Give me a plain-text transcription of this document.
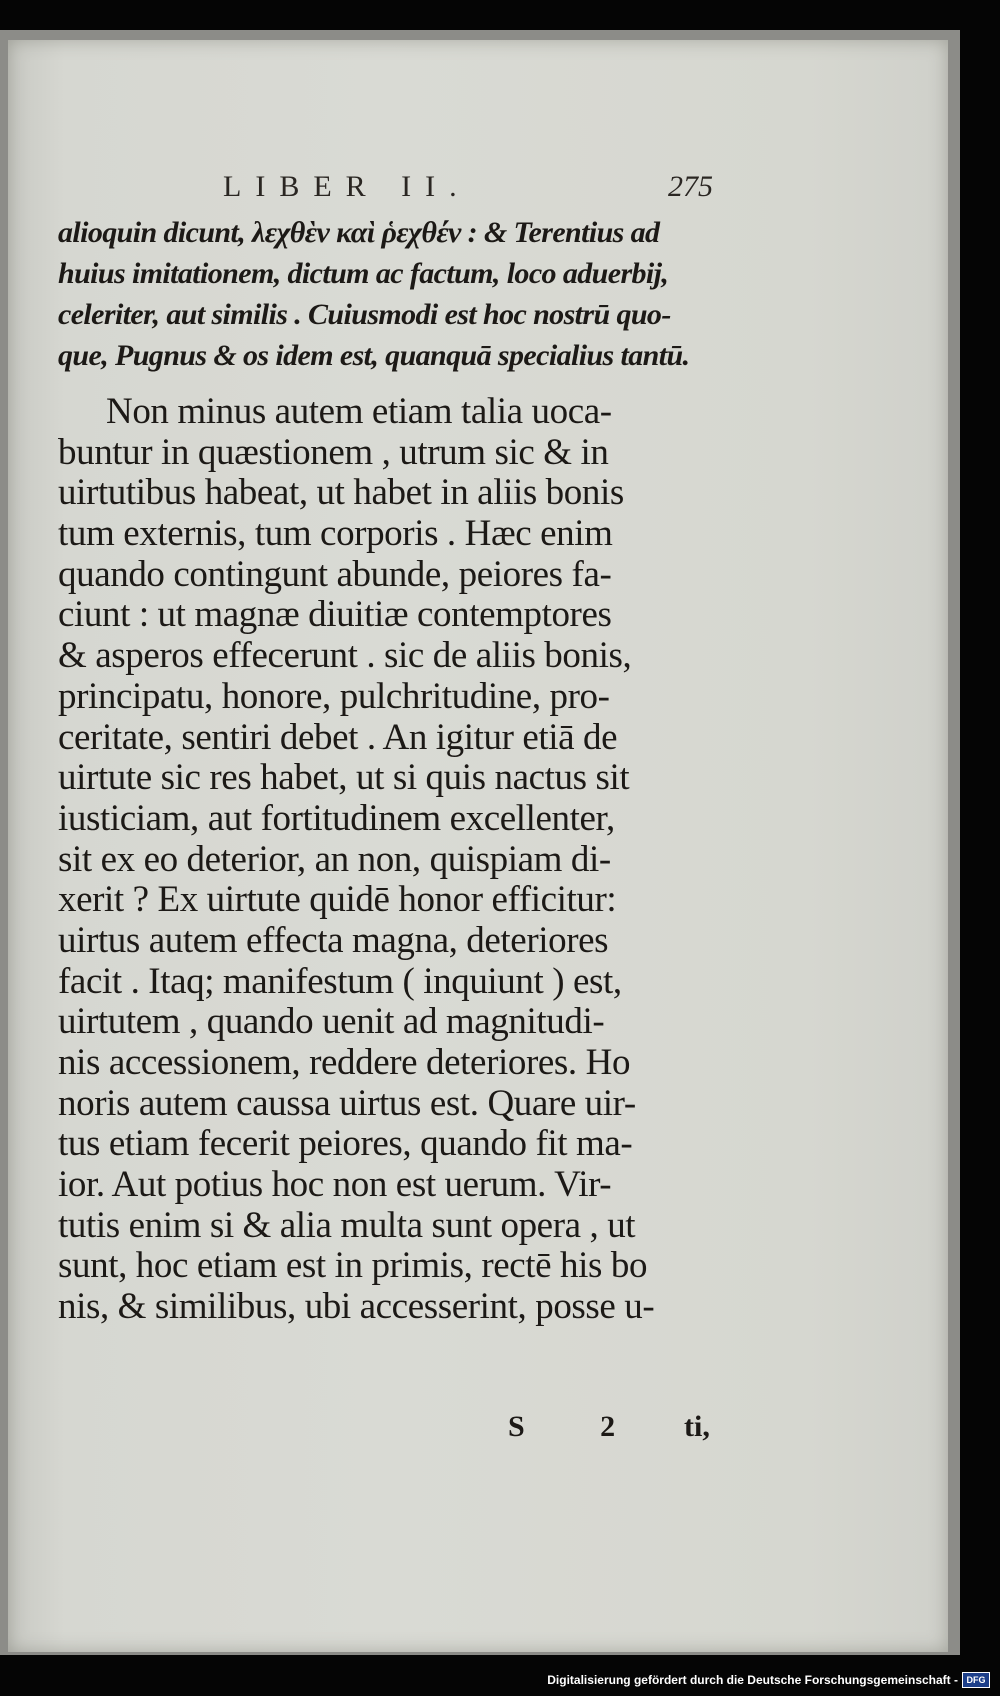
LIBER II.	275
alioquin dicunt, λεχθὲν καὶ ῥεχθέν : & Terentius ad
huius imitationem, dictum ac factum, loco aduerbij,
celeriter, aut similis . Cuiusmodi est hoc nostrū quo-
que, Pugnus & os idem est, quanquā specialius tantū.
Non minus autem etiam talia uoca-
buntur in quæstionem , utrum sic & in
uirtutibus habeat, ut habet in aliis bonis
tum externis, tum corporis . Hæc enim
quando contingunt abunde, peiores fa-
ciunt : ut magnæ diuitiæ contemptores
& asperos effecerunt . sic de aliis bonis,
principatu, honore, pulchritudine, pro-
ceritate, sentiri debet . An igitur etiā de
uirtute sic res habet, ut si quis nactus sit
iusticiam, aut fortitudinem excellenter,
sit ex eo deterior, an non, quispiam di-
xerit ? Ex uirtute quidē honor efficitur:
uirtus autem effecta magna, deteriores
facit . Itaq; manifestum ( inquiunt ) est,
uirtutem , quando uenit ad magnitudi-
nis accessionem, reddere deteriores. Ho
noris autem caussa uirtus est. Quare uir-
tus etiam fecerit peiores, quando fit ma-
ior. Aut potius hoc non est uerum. Vir-
tutis enim si & alia multa sunt opera , ut
sunt, hoc etiam est in primis, rectē his bo
nis, & similibus, ubi accesserint, posse u-
S 2 ti,
Digitalisierung gefördert durch die Deutsche Forschungsgemeinschaft - DFG
